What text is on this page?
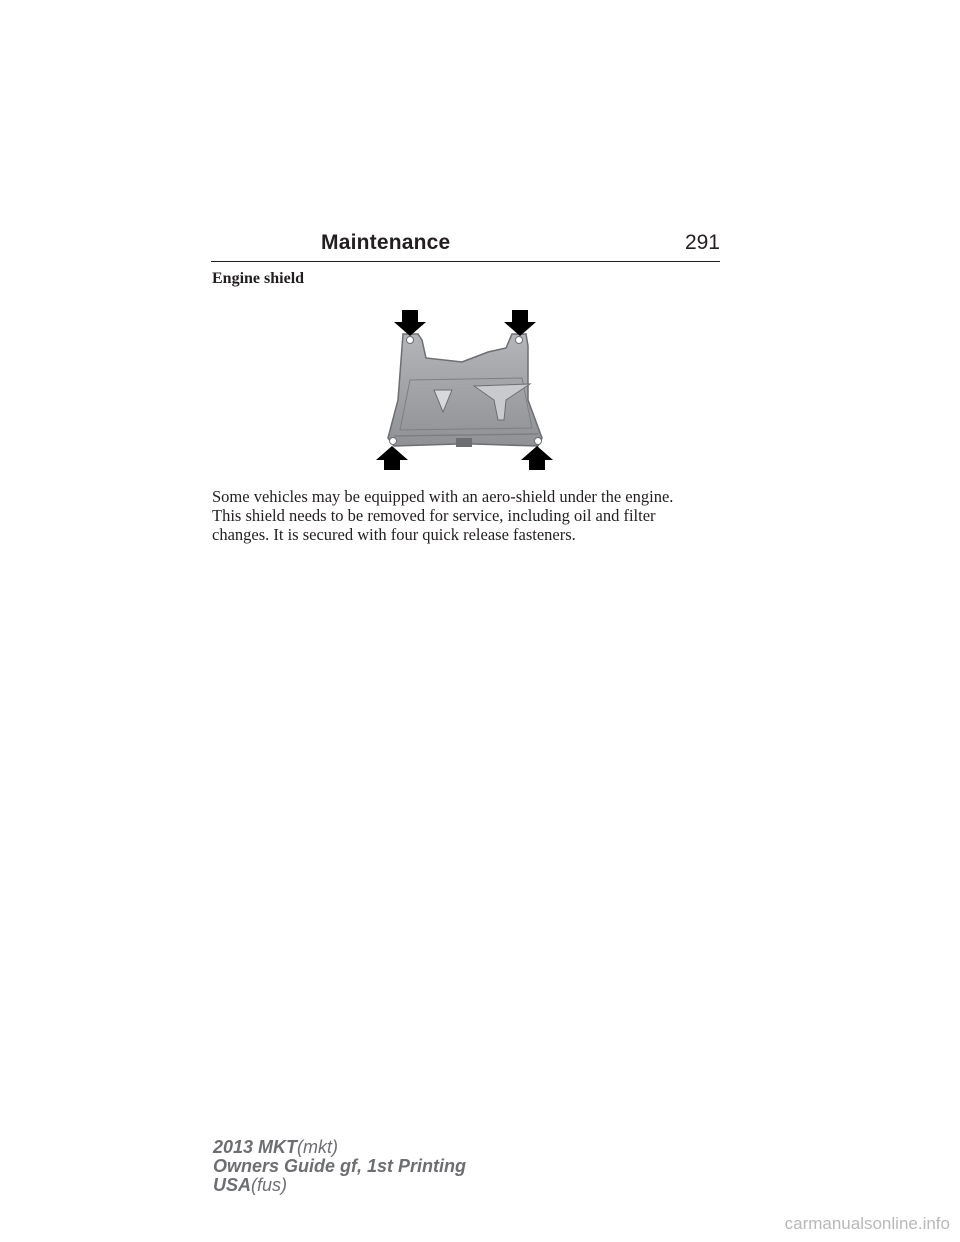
Maintenance	291
Engine shield
Some vehicles may be equipped with an aero-shield under the engine.
This shield needs to be removed for service, including oil and filter
changes. It is secured with four quick release fasteners.
2013 MKT(mkt)
Owners Guide gf, 1st Printing
USA(fus)
carmanualsonline.info
